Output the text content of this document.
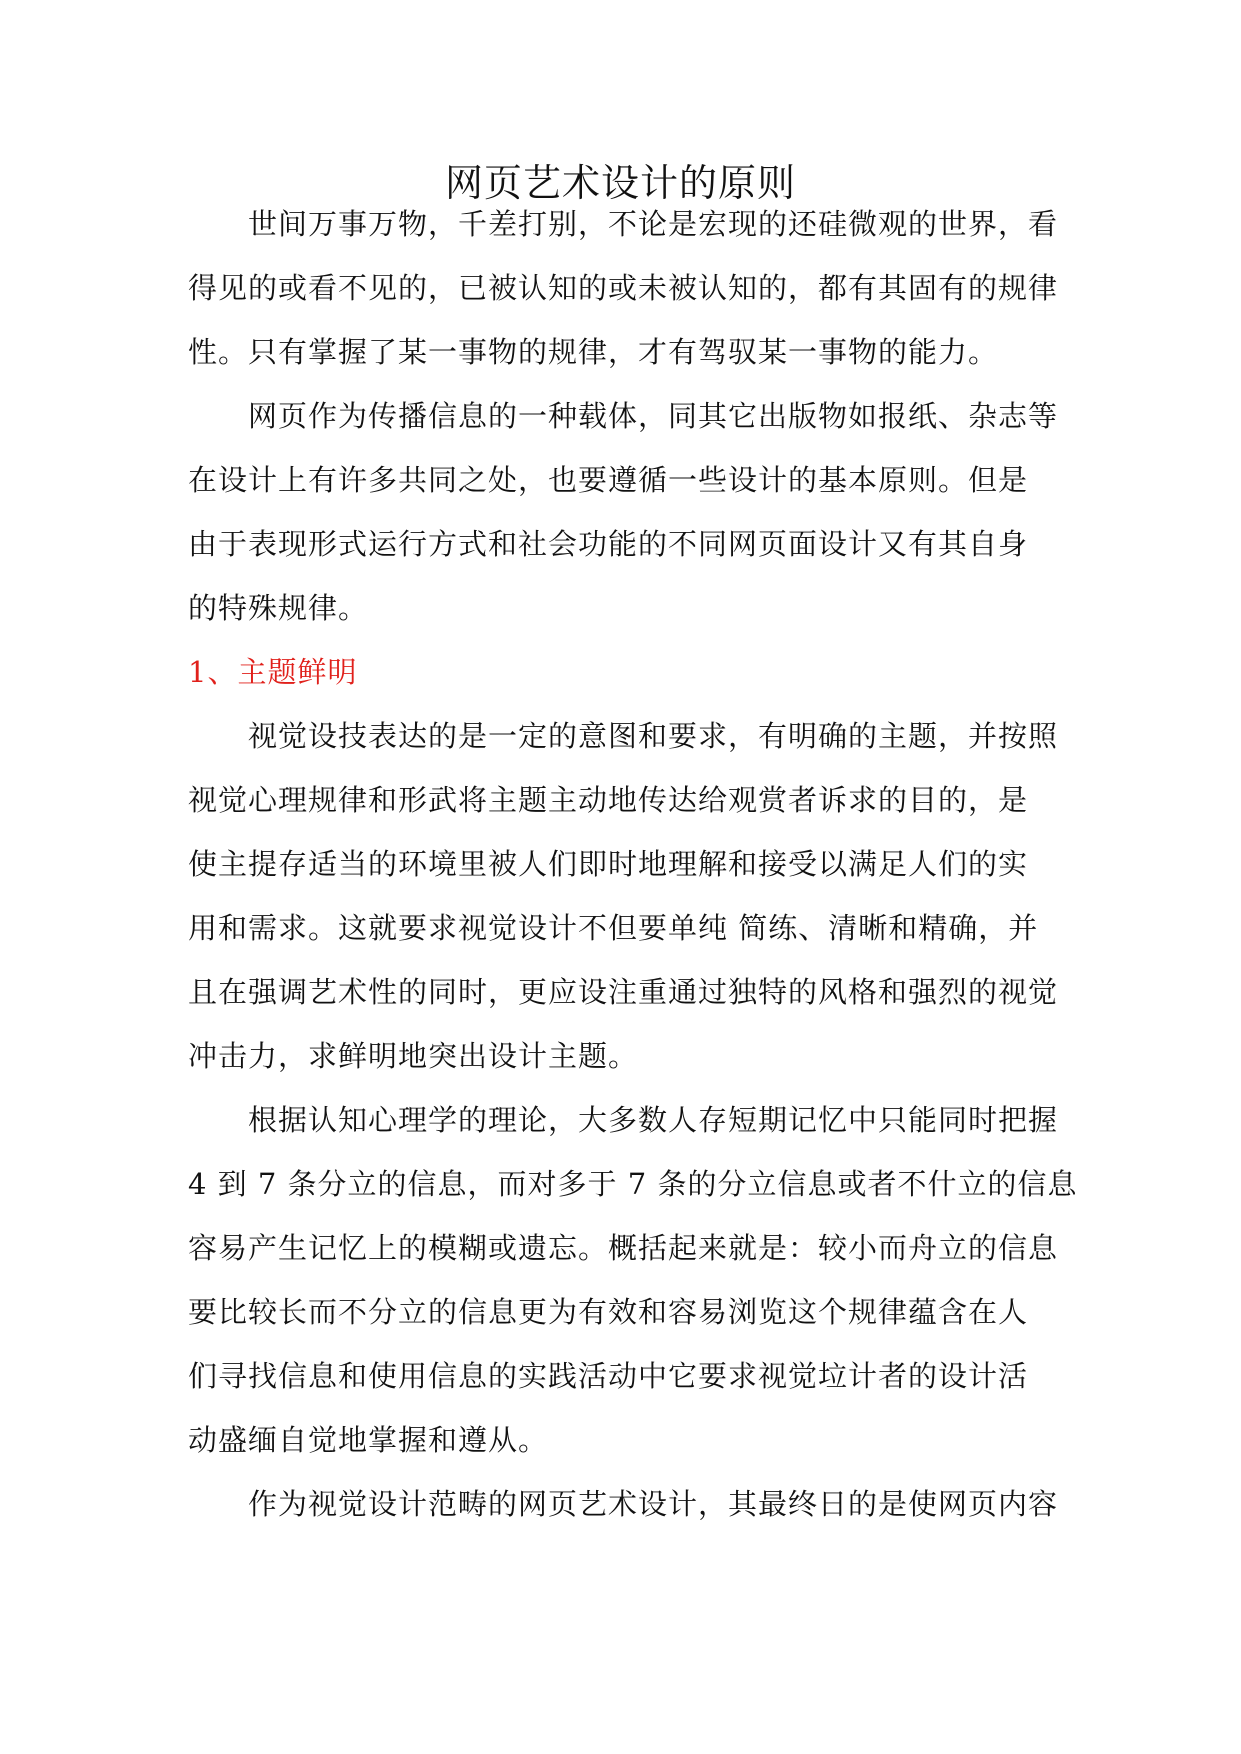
网页艺术设计的原则
世间万事万物，千差打别，不论是宏现的还硅微观的世界，看
得见的或看不见的，已被认知的或未被认知的，都有其固有的规律
性。只有掌握了某一事物的规律，才有驾驭某一事物的能力。
网页作为传播信息的一种载体，同其它出版物如报纸、杂志等
在设计上有许多共同之处，也要遵循一些设计的基本原则。但是
由于表现形式运行方式和社会功能的不同网页面设计又有其自身
的特殊规律。
1、主题鲜明
视觉设技表达的是一定的意图和要求，有明确的主题，并按照
视觉心理规律和形武将主题主动地传达给观赏者诉求的目的，是
使主提存适当的环境里被人们即时地理解和接受以满足人们的实
用和需求。这就要求视觉设计不但要单纯 简练、清晰和精确，并
且在强调艺术性的同时，更应设注重通过独特的风格和强烈的视觉
冲击力，求鲜明地突出设计主题。
根据认知心理学的理论，大多数人存短期记忆中只能同时把握
4 到 7 条分立的信息，而对多于 7 条的分立信息或者不什立的信息
容易产生记忆上的模糊或遗忘。概括起来就是：较小而舟立的信息
要比较长而不分立的信息更为有效和容易浏览这个规律蕴含在人
们寻找信息和使用信息的实践活动中它要求视觉垃计者的设计活
动盛缅自觉地掌握和遵从。
作为视觉设计范畴的网页艺术设计，其最终日的是使网页内容
